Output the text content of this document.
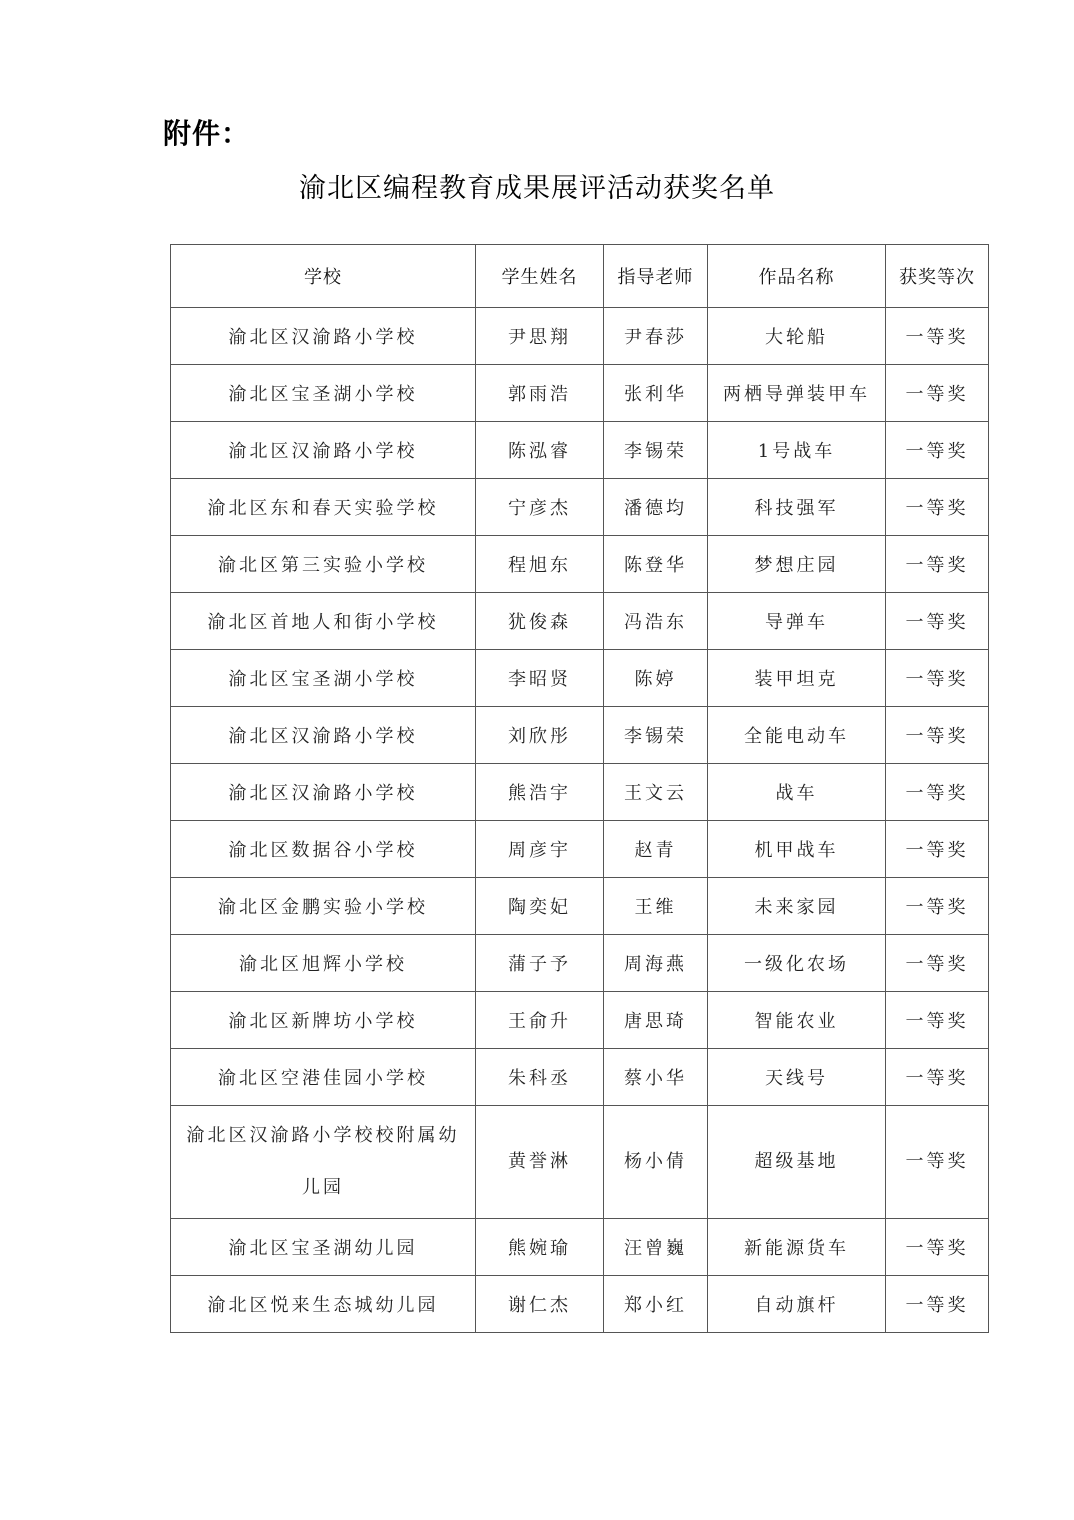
附件：
渝北区编程教育成果展评活动获奖名单
学校	学生姓名	指导老师	作品名称	获奖等次
渝北区汉渝路小学校	尹思翔	尹春莎	大轮船	一等奖
渝北区宝圣湖小学校	郭雨浩	张利华	两栖导弹装甲车	一等奖
渝北区汉渝路小学校	陈泓睿	李锡荣	1号战车	一等奖
渝北区东和春天实验学校	宁彦杰	潘德均	科技强军	一等奖
渝北区第三实验小学校	程旭东	陈登华	梦想庄园	一等奖
渝北区首地人和街小学校	犹俊森	冯浩东	导弹车	一等奖
渝北区宝圣湖小学校	李昭贤	陈婷	装甲坦克	一等奖
渝北区汉渝路小学校	刘欣彤	李锡荣	全能电动车	一等奖
渝北区汉渝路小学校	熊浩宇	王文云	战车	一等奖
渝北区数据谷小学校	周彦宇	赵青	机甲战车	一等奖
渝北区金鹏实验小学校	陶奕妃	王维	未来家园	一等奖
渝北区旭辉小学校	蒲子予	周海燕	一级化农场	一等奖
渝北区新牌坊小学校	王俞升	唐思琦	智能农业	一等奖
渝北区空港佳园小学校	朱科丞	蔡小华	天线号	一等奖
渝北区汉渝路小学校校附属幼儿园	黄誉淋	杨小倩	超级基地	一等奖
渝北区宝圣湖幼儿园	熊婉瑜	汪曾巍	新能源货车	一等奖
渝北区悦来生态城幼儿园	谢仁杰	郑小红	自动旗杆	一等奖
